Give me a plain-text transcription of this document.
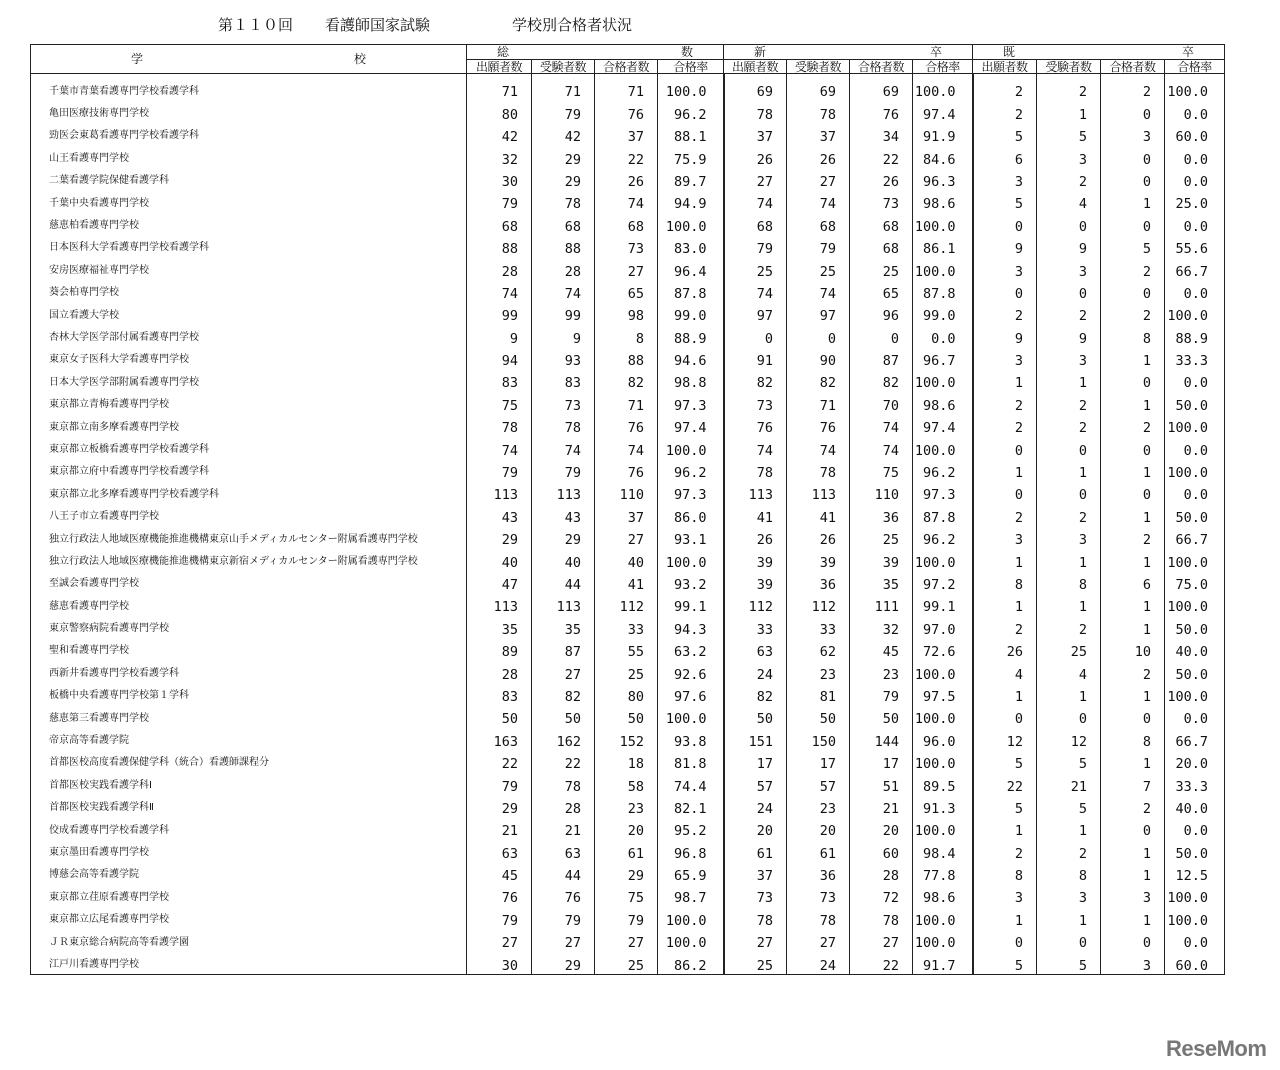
第１１０回 看護師国家試験	学校別合格者状況
学 校	総 数				新 卒				既 卒			

	出願者数	受験者数	合格者数	合格率	出願者数	受験者数	合格者数	合格率	出願者数	受験者数	合格者数	合格率
千葉市青葉看護専門学校看護学科	71	71	71	100.0	69	69	69	100.0	2	2	2	100.0
亀田医療技術専門学校	80	79	76	96.2	78	78	76	97.4	2	1	0	0.0
勁医会東葛看護専門学校看護学科	42	42	37	88.1	37	37	34	91.9	5	5	3	60.0
山王看護専門学校	32	29	22	75.9	26	26	22	84.6	6	3	0	0.0
二葉看護学院保健看護学科	30	29	26	89.7	27	27	26	96.3	3	2	0	0.0
千葉中央看護専門学校	79	78	74	94.9	74	74	73	98.6	5	4	1	25.0
慈恵柏看護専門学校	68	68	68	100.0	68	68	68	100.0	0	0	0	0.0
日本医科大学看護専門学校看護学科	88	88	73	83.0	79	79	68	86.1	9	9	5	55.6
安房医療福祉専門学校	28	28	27	96.4	25	25	25	100.0	3	3	2	66.7
葵会柏専門学校	74	74	65	87.8	74	74	65	87.8	0	0	0	0.0
国立看護大学校	99	99	98	99.0	97	97	96	99.0	2	2	2	100.0
杏林大学医学部付属看護専門学校	9	9	8	88.9	0	0	0	0.0	9	9	8	88.9
東京女子医科大学看護専門学校	94	93	88	94.6	91	90	87	96.7	3	3	1	33.3
日本大学医学部附属看護専門学校	83	83	82	98.8	82	82	82	100.0	1	1	0	0.0
東京都立青梅看護専門学校	75	73	71	97.3	73	71	70	98.6	2	2	1	50.0
東京都立南多摩看護専門学校	78	78	76	97.4	76	76	74	97.4	2	2	2	100.0
東京都立板橋看護専門学校看護学科	74	74	74	100.0	74	74	74	100.0	0	0	0	0.0
東京都立府中看護専門学校看護学科	79	79	76	96.2	78	78	75	96.2	1	1	1	100.0
東京都立北多摩看護専門学校看護学科	113	113	110	97.3	113	113	110	97.3	0	0	0	0.0
八王子市立看護専門学校	43	43	37	86.0	41	41	36	87.8	2	2	1	50.0
独立行政法人地域医療機能推進機構東京山手メディカルセンター附属看護専門学校	29	29	27	93.1	26	26	25	96.2	3	3	2	66.7
独立行政法人地域医療機能推進機構東京新宿メディカルセンター附属看護専門学校	40	40	40	100.0	39	39	39	100.0	1	1	1	100.0
至誠会看護専門学校	47	44	41	93.2	39	36	35	97.2	8	8	6	75.0
慈恵看護専門学校	113	113	112	99.1	112	112	111	99.1	1	1	1	100.0
東京警察病院看護専門学校	35	35	33	94.3	33	33	32	97.0	2	2	1	50.0
聖和看護専門学校	89	87	55	63.2	63	62	45	72.6	26	25	10	40.0
西新井看護専門学校看護学科	28	27	25	92.6	24	23	23	100.0	4	4	2	50.0
板橋中央看護専門学校第１学科	83	82	80	97.6	82	81	79	97.5	1	1	1	100.0
慈恵第三看護専門学校	50	50	50	100.0	50	50	50	100.0	0	0	0	0.0
帝京高等看護学院	163	162	152	93.8	151	150	144	96.0	12	12	8	66.7
首都医校高度看護保健学科（統合）看護師課程分	22	22	18	81.8	17	17	17	100.0	5	5	1	20.0
首都医校実践看護学科Ⅰ	79	78	58	74.4	57	57	51	89.5	22	21	7	33.3
首都医校実践看護学科Ⅱ	29	28	23	82.1	24	23	21	91.3	5	5	2	40.0
佼成看護専門学校看護学科	21	21	20	95.2	20	20	20	100.0	1	1	0	0.0
東京墨田看護専門学校	63	63	61	96.8	61	61	60	98.4	2	2	1	50.0
博慈会高等看護学院	45	44	29	65.9	37	36	28	77.8	8	8	1	12.5
東京都立荏原看護専門学校	76	76	75	98.7	73	73	72	98.6	3	3	3	100.0
東京都立広尾看護専門学校	79	79	79	100.0	78	78	78	100.0	1	1	1	100.0
ＪＲ東京総合病院高等看護学園	27	27	27	100.0	27	27	27	100.0	0	0	0	0.0
江戸川看護専門学校	30	29	25	86.2	25	24	22	91.7	5	5	3	60.0
ReseMom
